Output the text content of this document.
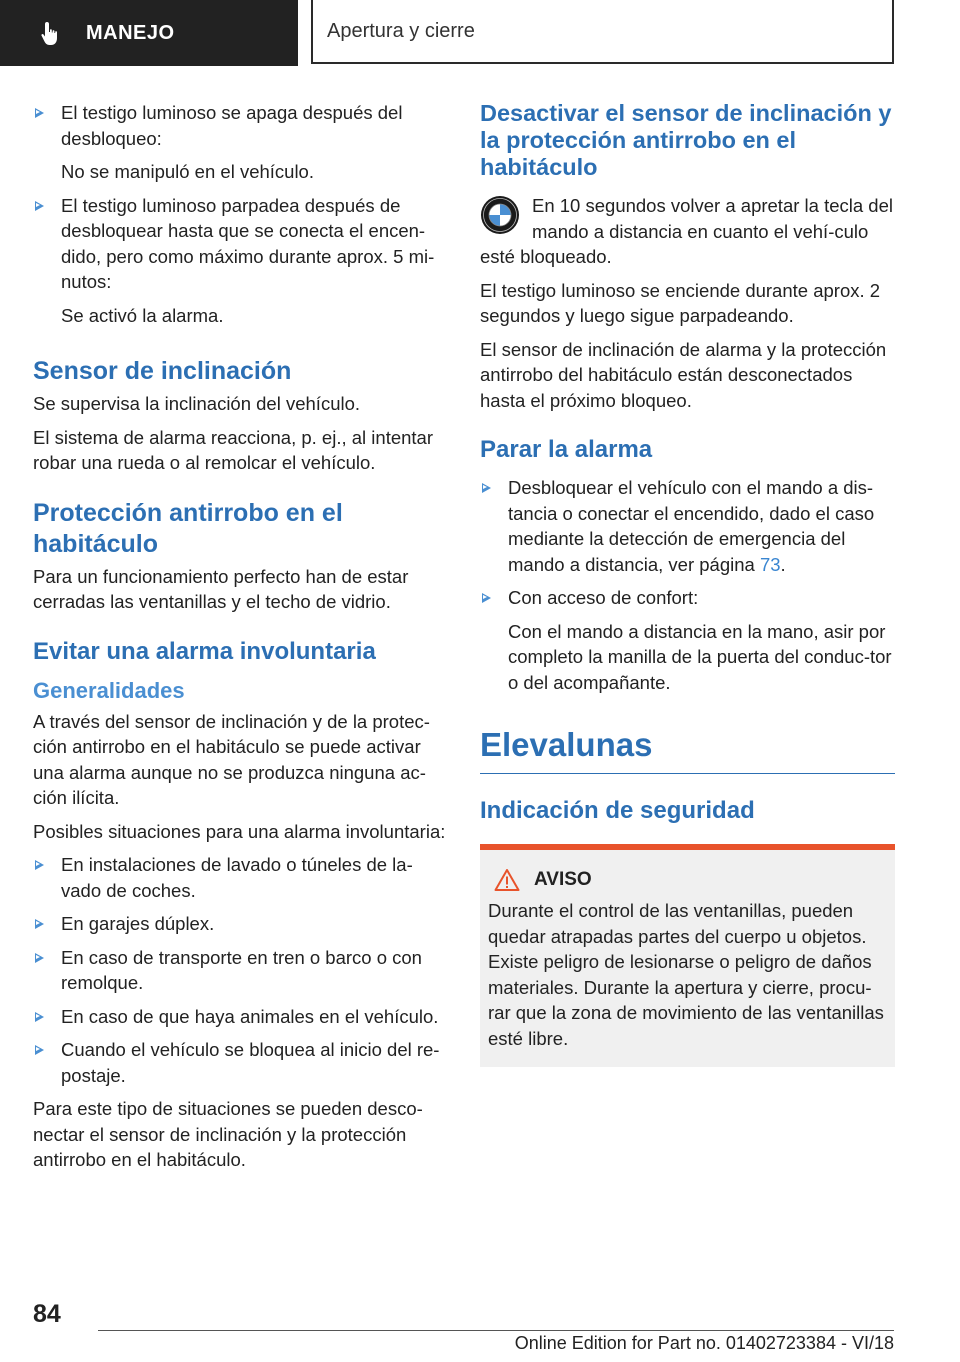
MANEJO	Apertura y cierre
El testigo luminoso se apaga después del desbloqueo:
No se manipuló en el vehículo.
El testigo luminoso parpadea después de desbloquear hasta que se conecta el encen‐dido, pero como máximo durante aprox. 5 mi‐nutos:
Se activó la alarma.
Sensor de inclinación

Se supervisa la inclinación del vehículo.

El sistema de alarma reacciona, p. ej., al intentar robar una rueda o al remolcar el vehículo.

Protección antirrobo en el habitáculo

Para un funcionamiento perfecto han de estar cerradas las ventanillas y el techo de vidrio.

Evitar una alarma involuntaria
Generalidades

A través del sensor de inclinación y de la protec‐ción antirrobo en el habitáculo se puede activar una alarma aunque no se produzca ninguna ac‐ción ilícita.

Posibles situaciones para una alarma involuntaria:

En instalaciones de lavado o túneles de la‐vado de coches.
En garajes dúplex.
En caso de transporte en tren o barco o con remolque.
En caso de que haya animales en el vehículo.
Cuando el vehículo se bloquea al inicio del re‐postaje.

Para este tipo de situaciones se pueden desco‐nectar el sensor de inclinación y la protección antirrobo en el habitáculo.

Desactivar el sensor de inclinación y la protección antirrobo en el habitáculo

En 10 segundos volver a apretar la tecla del mando a distancia en cuanto el vehí‐culo esté bloqueado.

El testigo luminoso se enciende durante aprox. 2 segundos y luego sigue parpadeando.

El sensor de inclinación de alarma y la protección antirrobo del habitáculo están desconectados hasta el próximo bloqueo.

Parar la alarma
Desbloquear el vehículo con el mando a dis‐tancia o conectar el encendido, dado el caso mediante la detección de emergencia del mando a distancia, ver página 73.
Con acceso de confort:
Con el mando a distancia en la mano, asir por completo la manilla de la puerta del conduc‐tor o del acompañante.
Elevalunas
Indicación de seguridad
AVISO

Durante el control de las ventanillas, pueden quedar atrapadas partes del cuerpo u objetos. Existe peligro de lesionarse o peligro de daños materiales. Durante la apertura y cierre, procu‐rar que la zona de movimiento de las ventanillas esté libre.

84
Online Edition for Part no. 01402723384 - VI/18
